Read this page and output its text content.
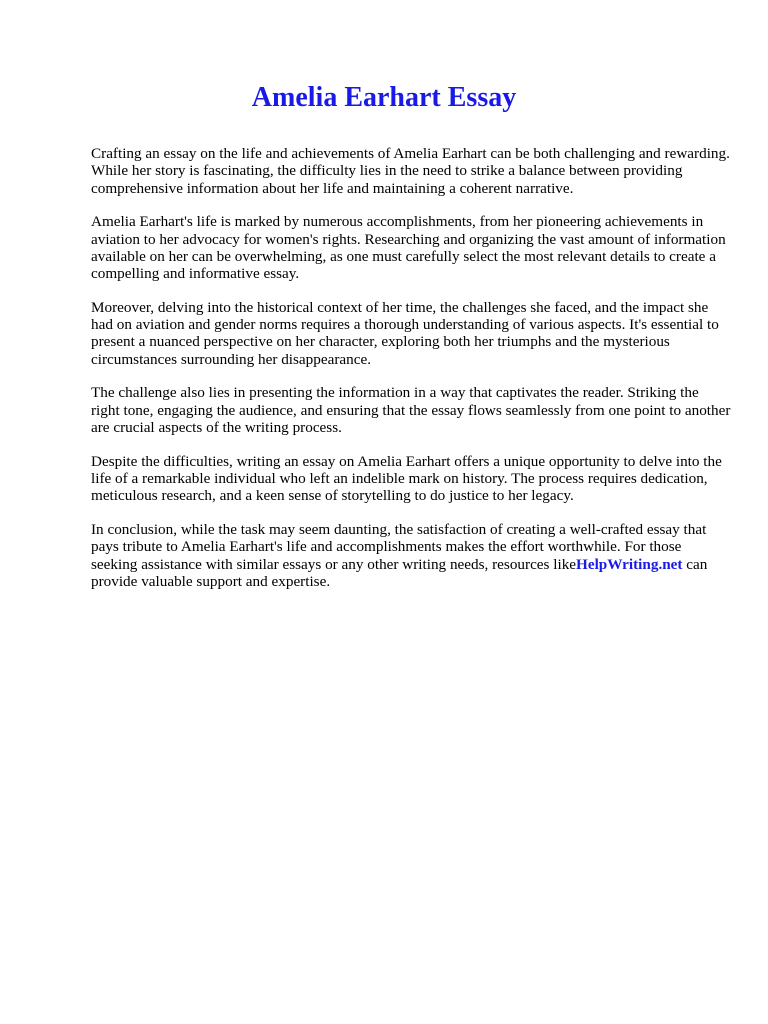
Amelia Earhart Essay

Crafting an essay on the life and achievements of Amelia Earhart can be both challenging and rewarding. While her story is fascinating, the difficulty lies in the need to strike a balance between providing comprehensive information about her life and maintaining a coherent narrative.

Amelia Earhart's life is marked by numerous accomplishments, from her pioneering achievements in aviation to her advocacy for women's rights. Researching and organizing the vast amount of information available on her can be overwhelming, as one must carefully select the most relevant details to create a compelling and informative essay.

Moreover, delving into the historical context of her time, the challenges she faced, and the impact she had on aviation and gender norms requires a thorough understanding of various aspects. It's essential to present a nuanced perspective on her character, exploring both her triumphs and the mysterious circumstances surrounding her disappearance.

The challenge also lies in presenting the information in a way that captivates the reader. Striking the right tone, engaging the audience, and ensuring that the essay flows seamlessly from one point to another are crucial aspects of the writing process.

Despite the difficulties, writing an essay on Amelia Earhart offers a unique opportunity to delve into the life of a remarkable individual who left an indelible mark on history. The process requires dedication, meticulous research, and a keen sense of storytelling to do justice to her legacy.

In conclusion, while the task may seem daunting, the satisfaction of creating a well-crafted essay that pays tribute to Amelia Earhart's life and accomplishments makes the effort worthwhile. For those seeking assistance with similar essays or any other writing needs, resources likeHelpWriting.net can provide valuable support and expertise.
